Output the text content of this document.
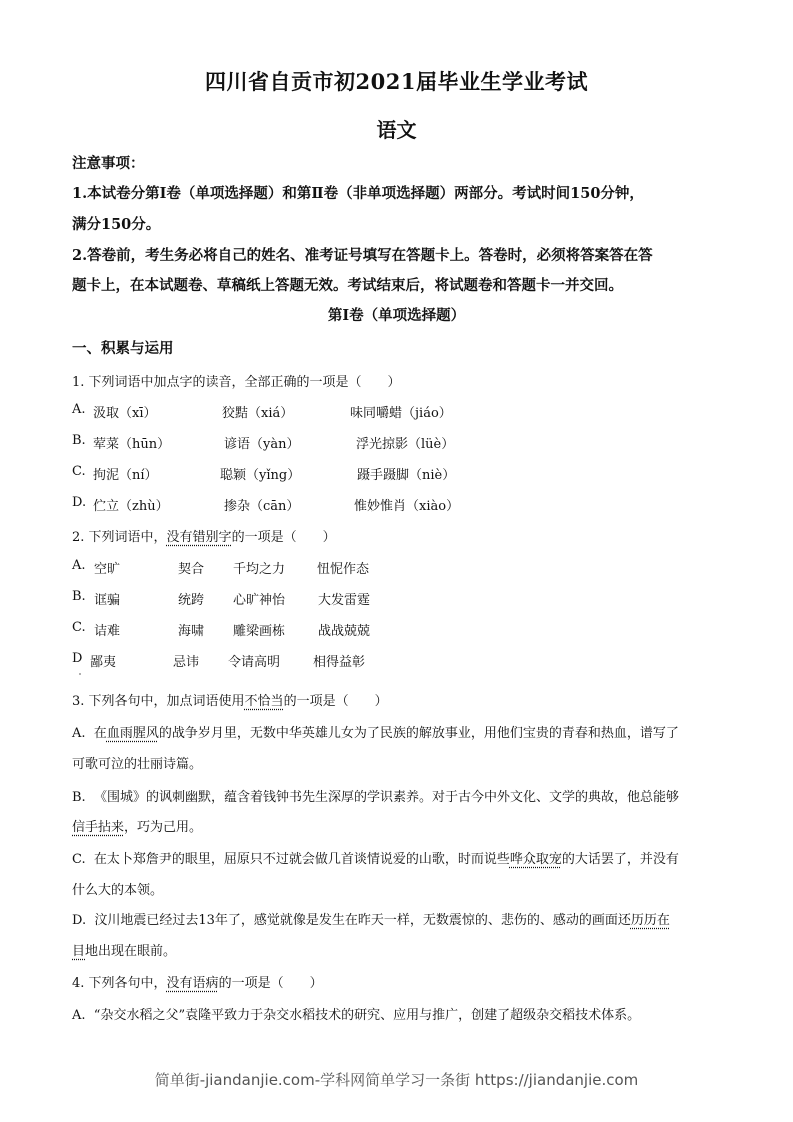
四川省自贡市初2021届毕业生学业考试
语文
注意事项：
1.本试卷分第Ⅰ卷（单项选择题）和第Ⅱ卷（非单项选择题）两部分。考试时间150分钟，
满分150分。
2.答卷前，考生务必将自己的姓名、准考证号填写在答题卡上。答卷时，必须将答案答在答
题卡上，在本试题卷、草稿纸上答题无效。考试结束后，将试题卷和答题卡一并交回。
第Ⅰ卷（单项选择题）
一、积累与运用
1. 下列词语中加点字的读音，全部正确的一项是（　　）
A. 汲取（xī）	狡黠（xiá）	味同嚼蜡（jiáo）
B. 荤菜（hūn）	谚语（yàn）	浮光掠影（lüè）
C. 拘泥（ní）	聪颖（yǐng）	蹑手蹑脚（niè）
D. 伫立（zhù）	掺杂（cān）	惟妙惟肖（xiào）
2. 下列词语中，没有错别字的一项是（　　）
A. 空旷	契合 千均之力 忸怩作态
B. 诓骗	统跨 心旷神怡	大发雷霆
C. 诘难	海啸 雕梁画栋	战战兢兢
D 鄙夷	忌讳 令请高明	相得益彰
3. 下列各句中，加点词语使用不恰当的一项是（　　）
A. 在血雨腥风的战争岁月里，无数中华英雄儿女为了民族的解放事业，用他们宝贵的青春和热血，谱写了
可歌可泣的壮丽诗篇。
B. 《围城》的讽刺幽默，蕴含着钱钟书先生深厚的学识素养。对于古今中外文化、文学的典故，他总能够
信手拈来，巧为己用。
C. 在太卜郑詹尹的眼里，屈原只不过就会做几首谈情说爱的山歌，时而说些哗众取宠的大话罢了，并没有
什么大的本领。
D. 汶川地震已经过去13年了，感觉就像是发生在昨天一样，无数震惊的、悲伤的、感动的画面还历历在
目地出现在眼前。
4. 下列各句中，没有语病的一项是（　　）
A. “杂交水稻之父”袁隆平致力于杂交水稻技术的研究、应用与推广，创建了超级杂交稻技术体系。
简单街-jiandanjie.com-学科网简单学习一条街 https://jiandanjie.com
